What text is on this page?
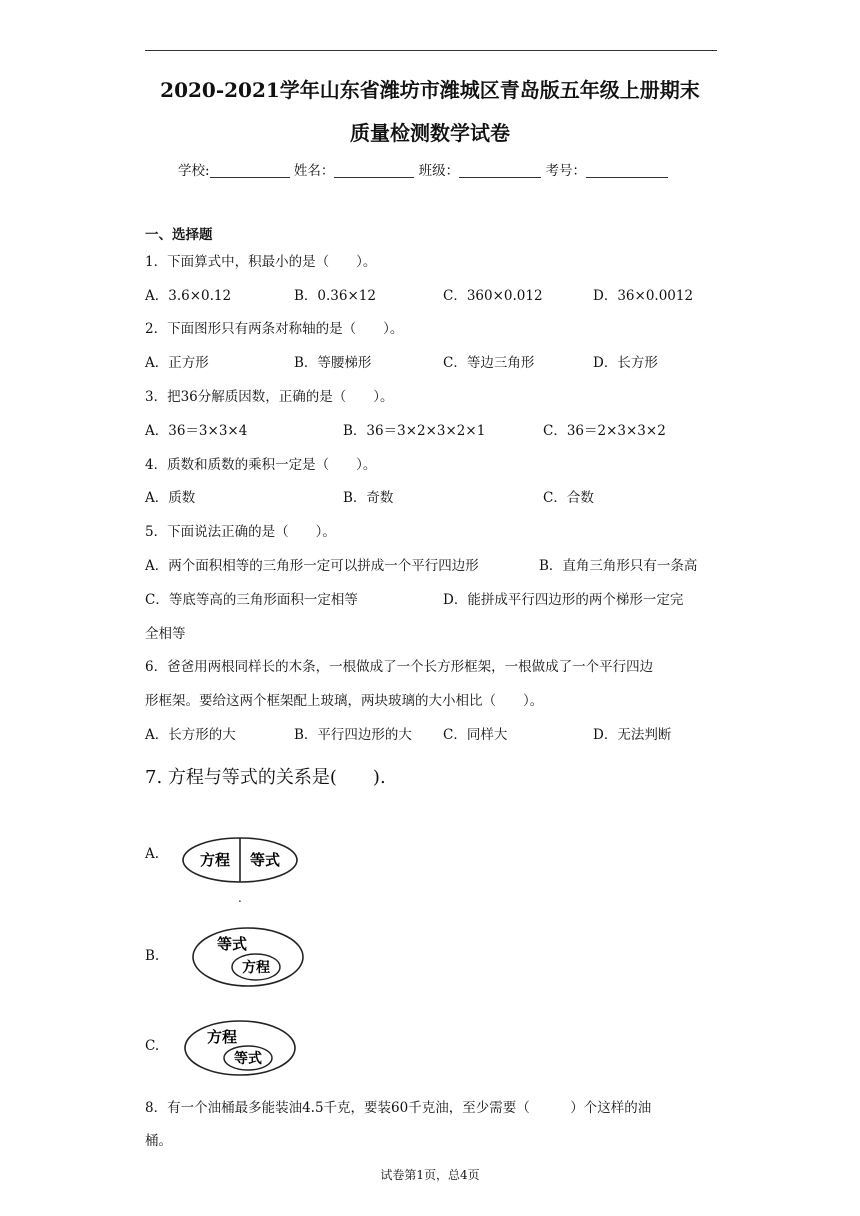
2020-2021学年山东省潍坊市潍城区青岛版五年级上册期末
质量检测数学试卷
学校:	姓名：	班级：	考号：
一、选择题
1．下面算式中，积最小的是（　　）。
A．3.6×0.12	B．0.36×12	C．360×0.012	D．36×0.0012
2．下面图形只有两条对称轴的是（　　）。
A．正方形	B．等腰梯形	C．等边三角形	D．长方形
3．把36分解质因数，正确的是（　　）。
A．36＝3×3×4	B．36＝3×2×3×2×1	C．36＝2×3×3×2
4．质数和质数的乘积一定是（　　）。
A．质数	B．奇数	C．合数
5．下面说法正确的是（　　）。
A．两个面积相等的三角形一定可以拼成一个平行四边形	B．直角三角形只有一条高
C．等底等高的三角形面积一定相等	D．能拼成平行四边形的两个梯形一定完
全相等
6．爸爸用两根同样长的木条，一根做成了一个长方形框架，一根做成了一个平行四边
形框架。要给这两个框架配上玻璃，两块玻璃的大小相比（　　）。
A．长方形的大	B．平行四边形的大 C．同样大	D．无法判断
7. 方程与等式的关系是(　　).
A.	方程 等式
.
B.
等式
方程
C.	方程
等式
8．有一个油桶最多能装油4.5千克，要装60千克油，至少需要（　　　）个这样的油
桶。
试卷第1页，总4页
